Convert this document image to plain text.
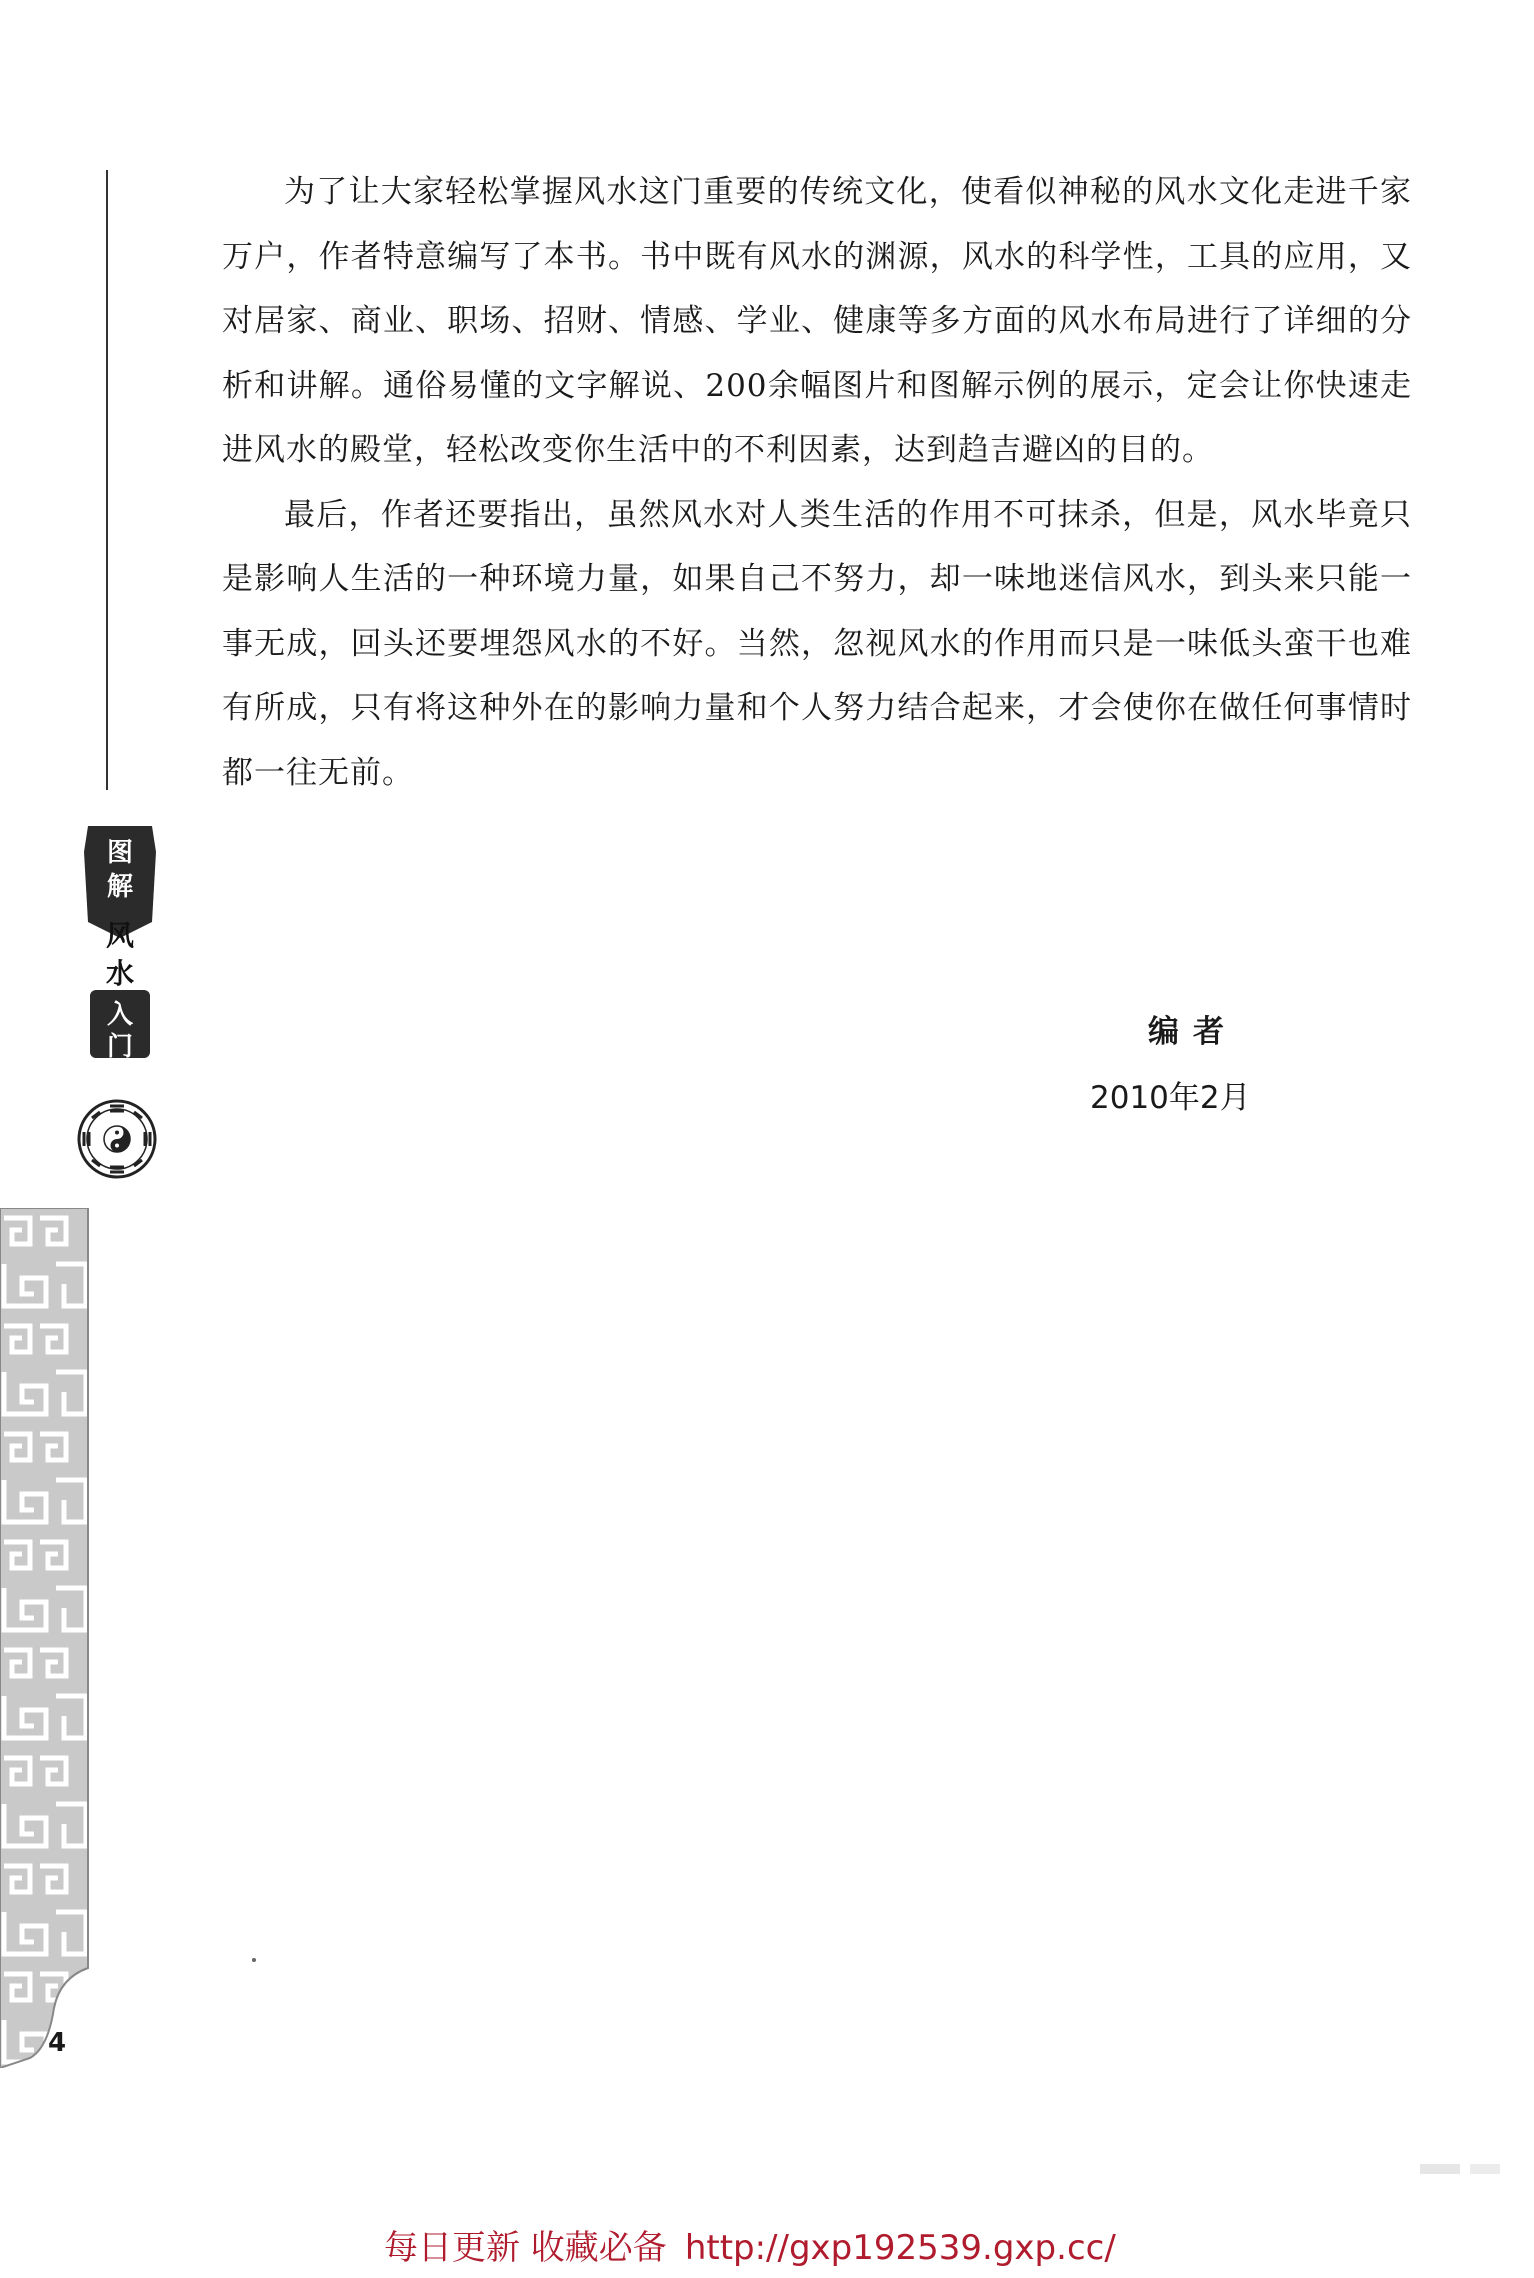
图
解
风
水
入
门
4

为了让大家轻松掌握风水这门重要的传统文化，使看似神秘的风水文化走进千家万户，作者特意编写了本书。书中既有风水的渊源，风水的科学性，工具的应用，又对居家、商业、职场、招财、情感、学业、健康等多方面的风水布局进行了详细的分析和讲解。通俗易懂的文字解说、200余幅图片和图解示例的展示，定会让你快速走进风水的殿堂，轻松改变你生活中的不利因素，达到趋吉避凶的目的。

最后，作者还要指出，虽然风水对人类生活的作用不可抹杀，但是，风水毕竟只是影响人生活的一种环境力量，如果自己不努力，却一味地迷信风水，到头来只能一事无成，回头还要埋怨风水的不好。当然，忽视风水的作用而只是一味低头蛮干也难有所成，只有将这种外在的影响力量和个人努力结合起来，才会使你在做任何事情时都一往无前。

编者
2010年2月
每日更新 收藏必备 http://gxp192539.gxp.cc/
